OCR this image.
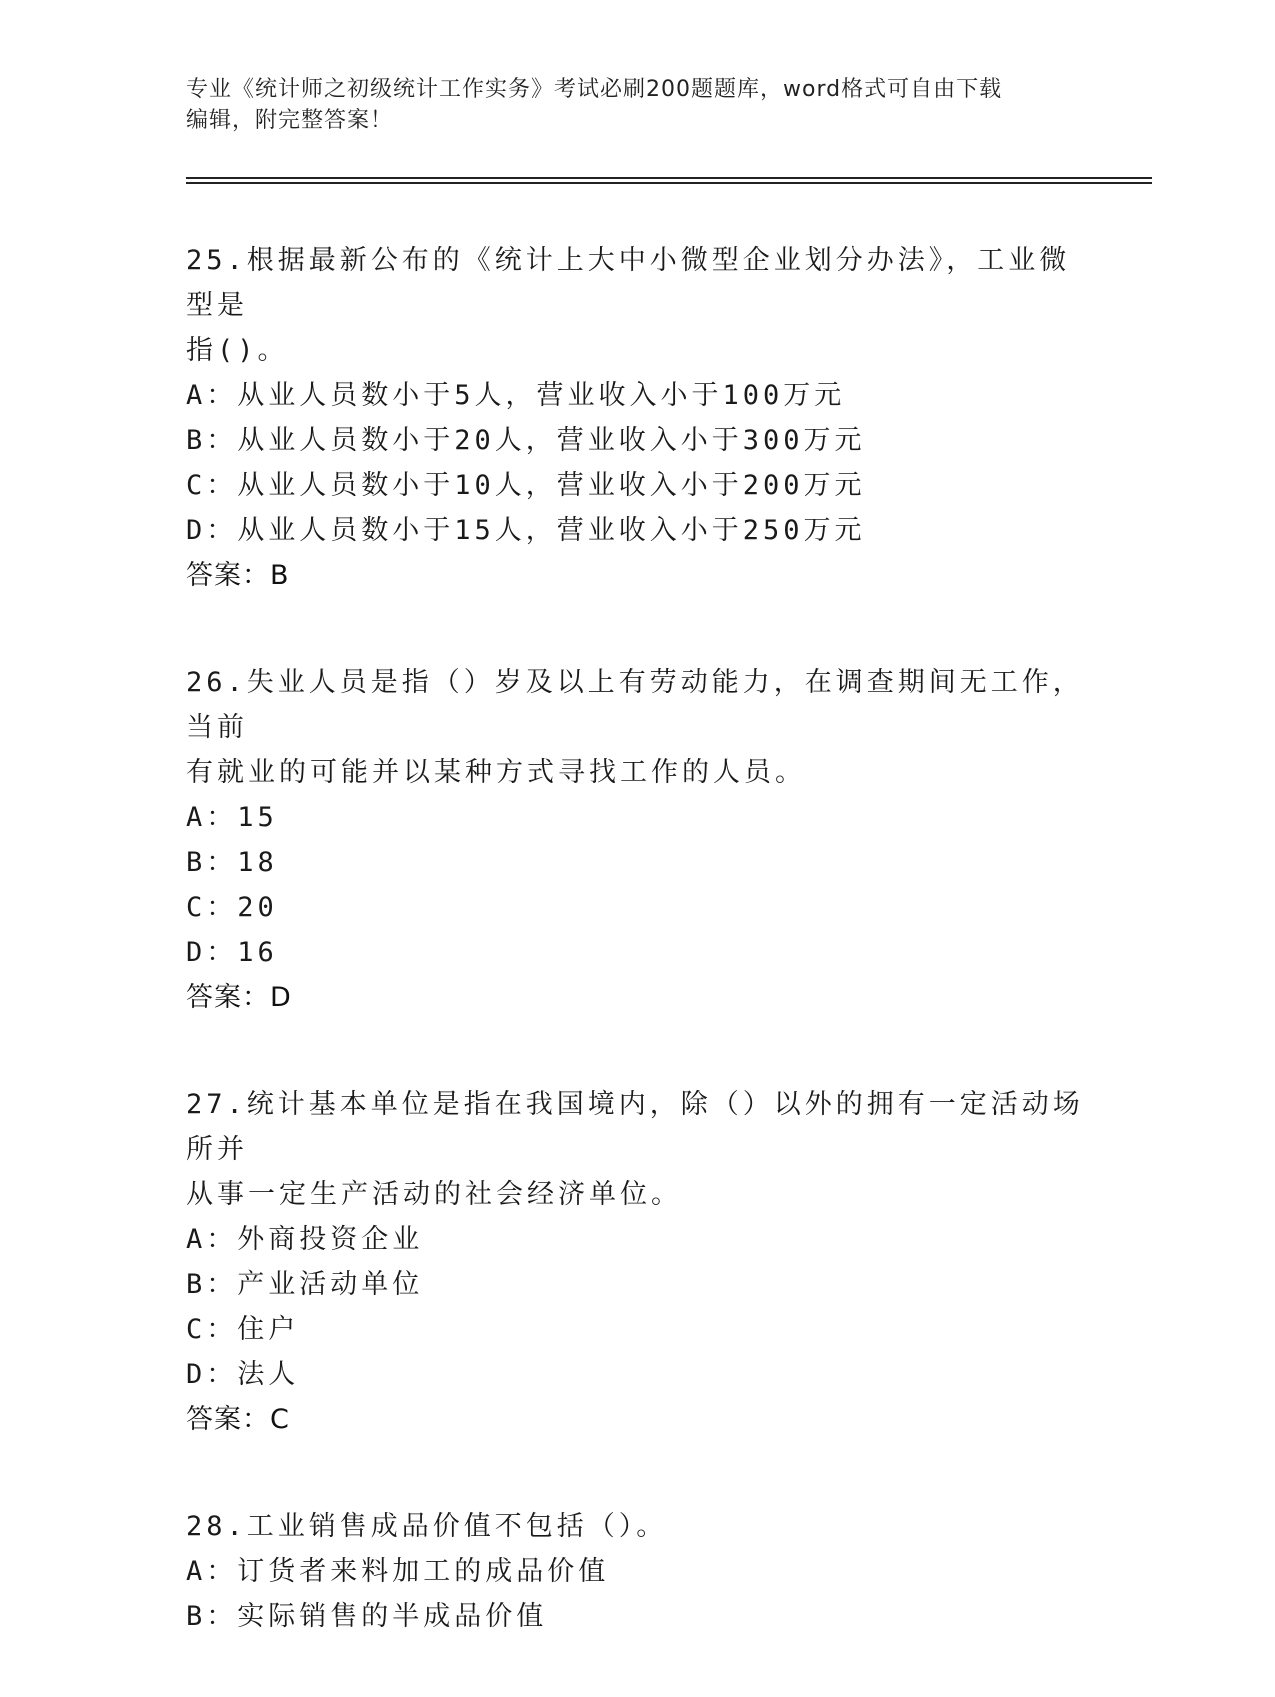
专业《统计师之初级统计工作实务》考试必刷200题题库，word格式可自由下载
编辑，附完整答案！
25.根据最新公布的《统计上大中小微型企业划分办法》，工业微型是
指()。
A：从业人员数小于5人，营业收入小于100万元
B：从业人员数小于20人，营业收入小于300万元
C：从业人员数小于10人，营业收入小于200万元
D：从业人员数小于15人，营业收入小于250万元
答案：B
26.失业人员是指（）岁及以上有劳动能力，在调查期间无工作，当前
有就业的可能并以某种方式寻找工作的人员。
A：15
B：18
C：20
D：16
答案：D
27.统计基本单位是指在我国境内，除（）以外的拥有一定活动场所并
从事一定生产活动的社会经济单位。
A：外商投资企业
B：产业活动单位
C：住户
D：法人
答案：C
28.工业销售成品价值不包括（）。
A：订货者来料加工的成品价值
B：实际销售的半成品价值
